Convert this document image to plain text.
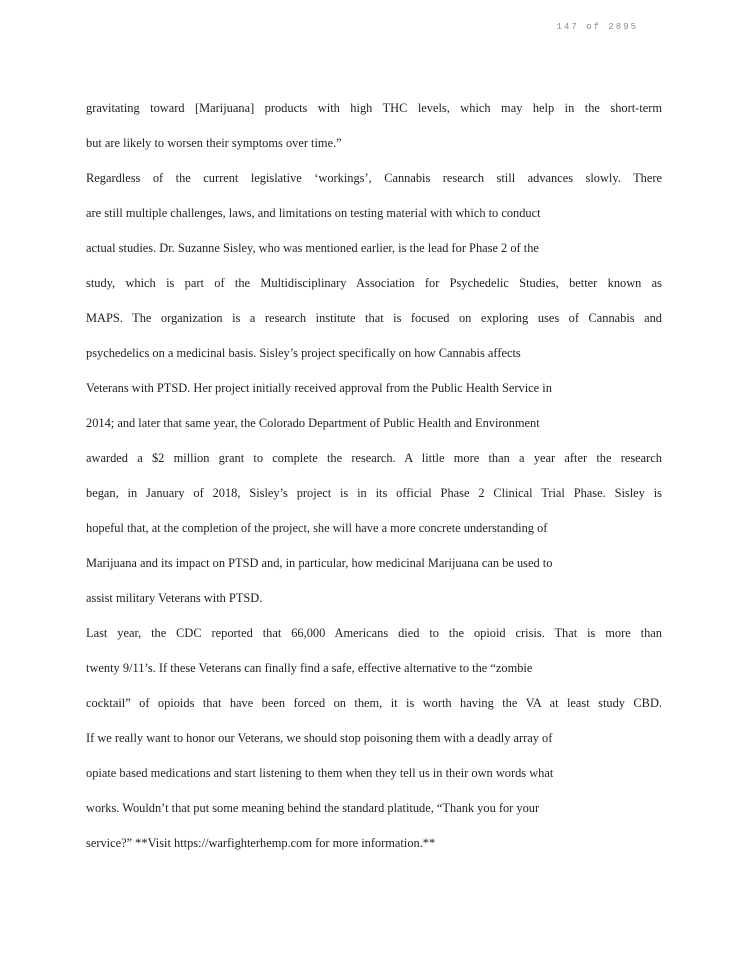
147 of 2895
gravitating toward [Marijuana] products with high THC levels, which may help in the short-term
but are likely to worsen their symptoms over time.”
Regardless of the current legislative ‘workings’, Cannabis research still advances slowly. There
are still multiple challenges, laws, and limitations on testing material with which to conduct
actual studies. Dr. Suzanne Sisley, who was mentioned earlier, is the lead for Phase 2 of the
study, which is part of the Multidisciplinary Association for Psychedelic Studies, better known as
MAPS. The organization is a research institute that is focused on exploring uses of Cannabis and
psychedelics on a medicinal basis. Sisley’s project specifically on how Cannabis affects
Veterans with PTSD. Her project initially received approval from the Public Health Service in
2014; and later that same year, the Colorado Department of Public Health and Environment
awarded a $2 million grant to complete the research. A little more than a year after the research
began, in January of 2018, Sisley’s project is in its official Phase 2 Clinical Trial Phase. Sisley is
hopeful that, at the completion of the project, she will have a more concrete understanding of
Marijuana and its impact on PTSD and, in particular, how medicinal Marijuana can be used to
assist military Veterans with PTSD.
Last year, the CDC reported that 66,000 Americans died to the opioid crisis. That is more than
twenty 9/11’s. If these Veterans can finally find a safe, effective alternative to the “zombie
cocktail” of opioids that have been forced on them, it is worth having the VA at least study CBD.
If we really want to honor our Veterans, we should stop poisoning them with a deadly array of
opiate based medications and start listening to them when they tell us in their own words what
works. Wouldn’t that put some meaning behind the standard platitude, “Thank you for your
service?” **Visit https://warfighterhemp.com for more information.**
